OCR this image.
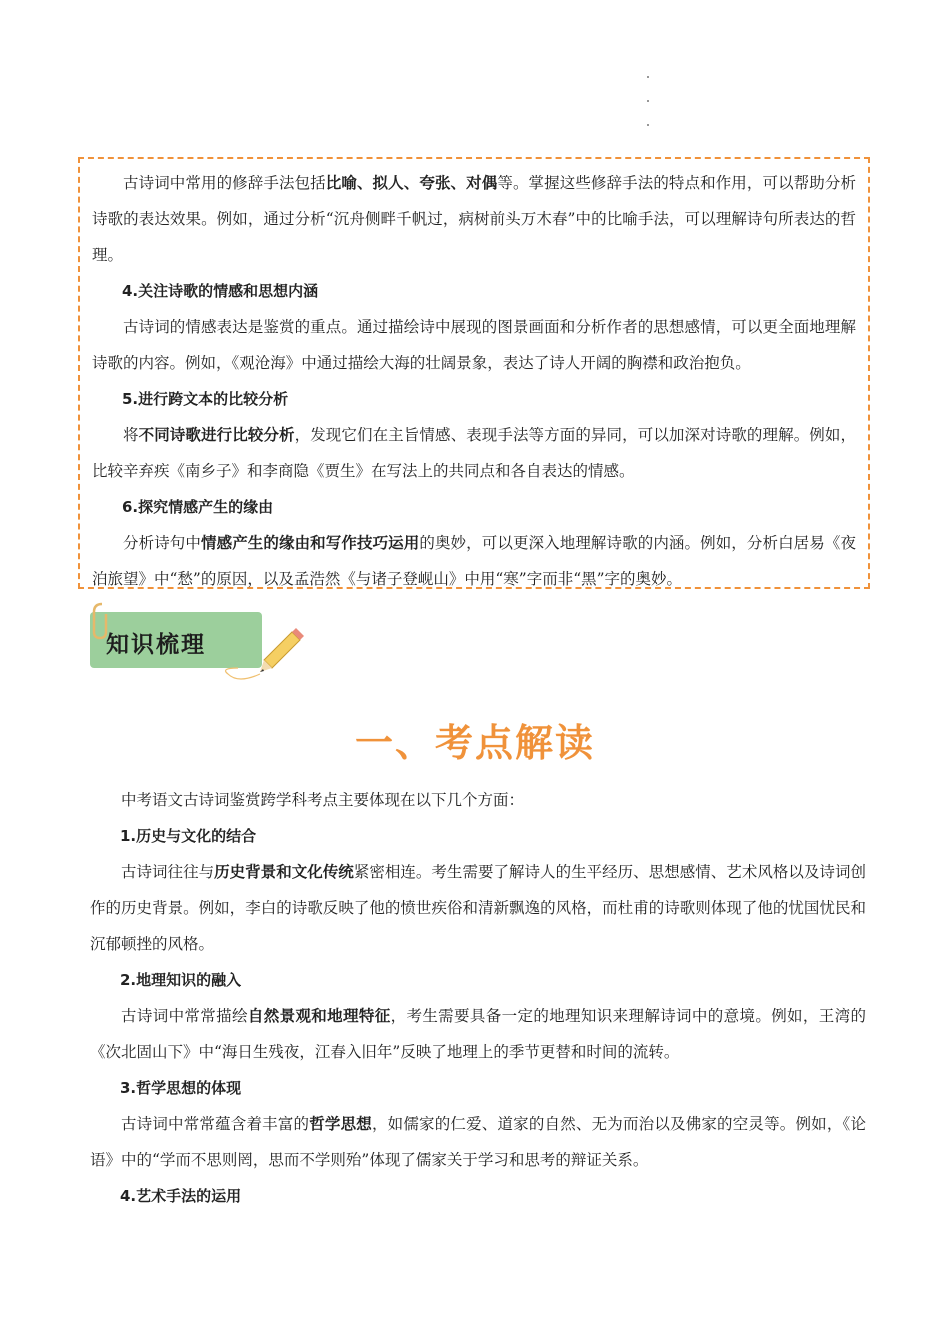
古诗词中常用的修辞手法包括比喻、拟人、夸张、对偶等。掌握这些修辞手法的特点和作用，可以帮助分析诗歌的表达效果。例如，通过分析“沉舟侧畔千帆过，病树前头万木春”中的比喻手法，可以理解诗句所表达的哲理。

4.关注诗歌的情感和思想内涵

古诗词的情感表达是鉴赏的重点。通过描绘诗中展现的图景画面和分析作者的思想感情，可以更全面地理解诗歌的内容。例如，《观沧海》中通过描绘大海的壮阔景象，表达了诗人开阔的胸襟和政治抱负。

5.进行跨文本的比较分析

将不同诗歌进行比较分析，发现它们在主旨情感、表现手法等方面的异同，可以加深对诗歌的理解。例如，比较辛弃疾《南乡子》和李商隐《贾生》在写法上的共同点和各自表达的情感。

6.探究情感产生的缘由

分析诗句中情感产生的缘由和写作技巧运用的奥妙，可以更深入地理解诗歌的内涵。例如，分析白居易《夜泊旅望》中“愁”的原因，以及孟浩然《与诸子登岘山》中用“寒”字而非“黑”字的奥妙。

知识梳理
一、考点解读

中考语文古诗词鉴赏跨学科考点主要体现在以下几个方面：

1.历史与文化的结合

古诗词往往与历史背景和文化传统紧密相连。考生需要了解诗人的生平经历、思想感情、艺术风格以及诗词创作的历史背景。例如，李白的诗歌反映了他的愤世疾俗和清新飘逸的风格，而杜甫的诗歌则体现了他的忧国忧民和沉郁顿挫的风格。

2.地理知识的融入

古诗词中常常描绘自然景观和地理特征，考生需要具备一定的地理知识来理解诗词中的意境。例如，王湾的《次北固山下》中“海日生残夜，江春入旧年”反映了地理上的季节更替和时间的流转。

3.哲学思想的体现

古诗词中常常蕴含着丰富的哲学思想，如儒家的仁爱、道家的自然、无为而治以及佛家的空灵等。例如，《论语》中的“学而不思则罔，思而不学则殆”体现了儒家关于学习和思考的辩证关系。

4.艺术手法的运用
